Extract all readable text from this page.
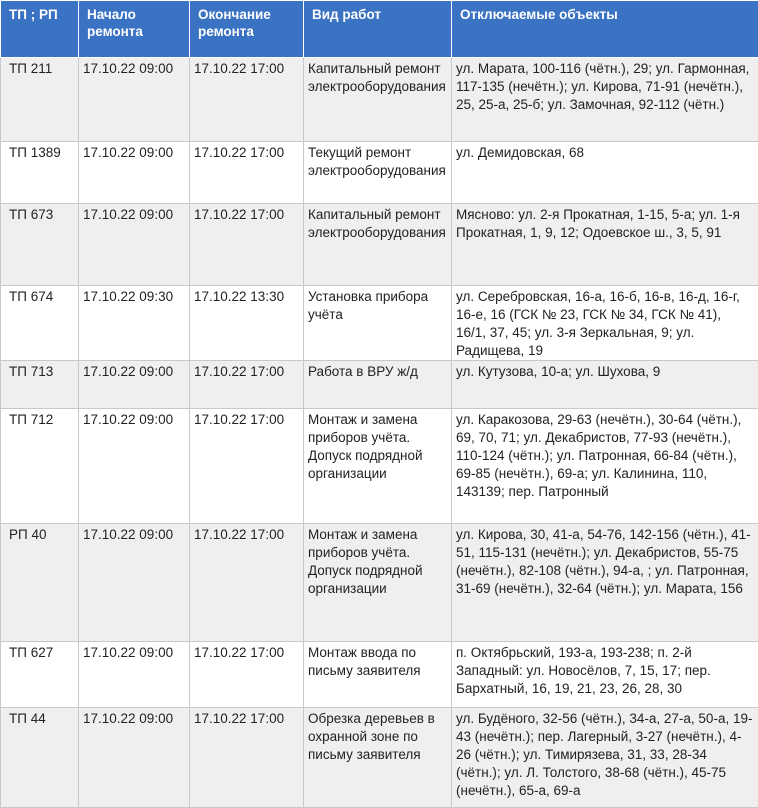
ТП ; РП	Начало ремонта	Окончание ремонта	Вид работ	Отключаемые объекты
ТП 211	17.10.22 09:00	17.10.22 17:00	Капитальный ремонт электрооборудования	ул. Марата, 100-116 (чётн.), 29; ул. Гармонная, 117-135 (нечётн.); ул. Кирова, 71-91 (нечётн.), 25, 25-а, 25-б; ул. Замочная, 92-112 (чётн.)
ТП 1389	17.10.22 09:00	17.10.22 17:00	Текущий ремонт электрооборудования	ул. Демидовская, 68
ТП 673	17.10.22 09:00	17.10.22 17:00	Капитальный ремонт электрооборудования	Мясново: ул. 2-я Прокатная, 1-15, 5-а; ул. 1-я Прокатная, 1, 9, 12; Одоевское ш., 3, 5, 91
ТП 674	17.10.22 09:30	17.10.22 13:30	Установка прибора учёта	ул. Серебровская, 16-а, 16-б, 16-в, 16-д, 16-г, 16-е, 16 (ГСК № 23, ГСК № 34, ГСК № 41), 16/1, 37, 45; ул. 3-я Зеркальная, 9; ул. Радищева, 19
ТП 713	17.10.22 09:00	17.10.22 17:00	Работа в ВРУ ж/д	ул. Кутузова, 10-а; ул. Шухова, 9
ТП 712	17.10.22 09:00	17.10.22 17:00	Монтаж и замена приборов учёта. Допуск подрядной организации	ул. Каракозова, 29-63 (нечётн.), 30-64 (чётн.), 69, 70, 71; ул. Декабристов, 77-93 (нечётн.), 110-124 (чётн.); ул. Патронная, 66-84 (чётн.), 69-85 (нечётн.), 69-а; ул. Калинина, 110, 143139; пер. Патронный
РП 40	17.10.22 09:00	17.10.22 17:00	Монтаж и замена приборов учёта. Допуск подрядной организации	ул. Кирова, 30, 41-а, 54-76, 142-156 (чётн.), 41-51, 115-131 (нечётн.); ул. Декабристов, 55-75 (нечётн.), 82-108 (чётн.), 94-а, ; ул. Патронная, 31-69 (нечётн.), 32-64 (чётн.); ул. Марата, 156
ТП 627	17.10.22 09:00	17.10.22 17:00	Монтаж ввода по письму заявителя	п. Октябрьский, 193-а, 193-238; п. 2-й Западный: ул. Новосёлов, 7, 15, 17; пер. Бархатный, 16, 19, 21, 23, 26, 28, 30
ТП 44	17.10.22 09:00	17.10.22 17:00	Обрезка деревьев в охранной зоне по письму заявителя	ул. Будёного, 32-56 (чётн.), 34-а, 27-а, 50-а, 19-43 (нечётн.); пер. Лагерный, 3-27 (нечётн.), 4-26 (чётн.); ул. Тимирязева, 31, 33, 28-34 (чётн.); ул. Л. Толстого, 38-68 (чётн.), 45-75 (нечётн.), 65-а, 69-а
